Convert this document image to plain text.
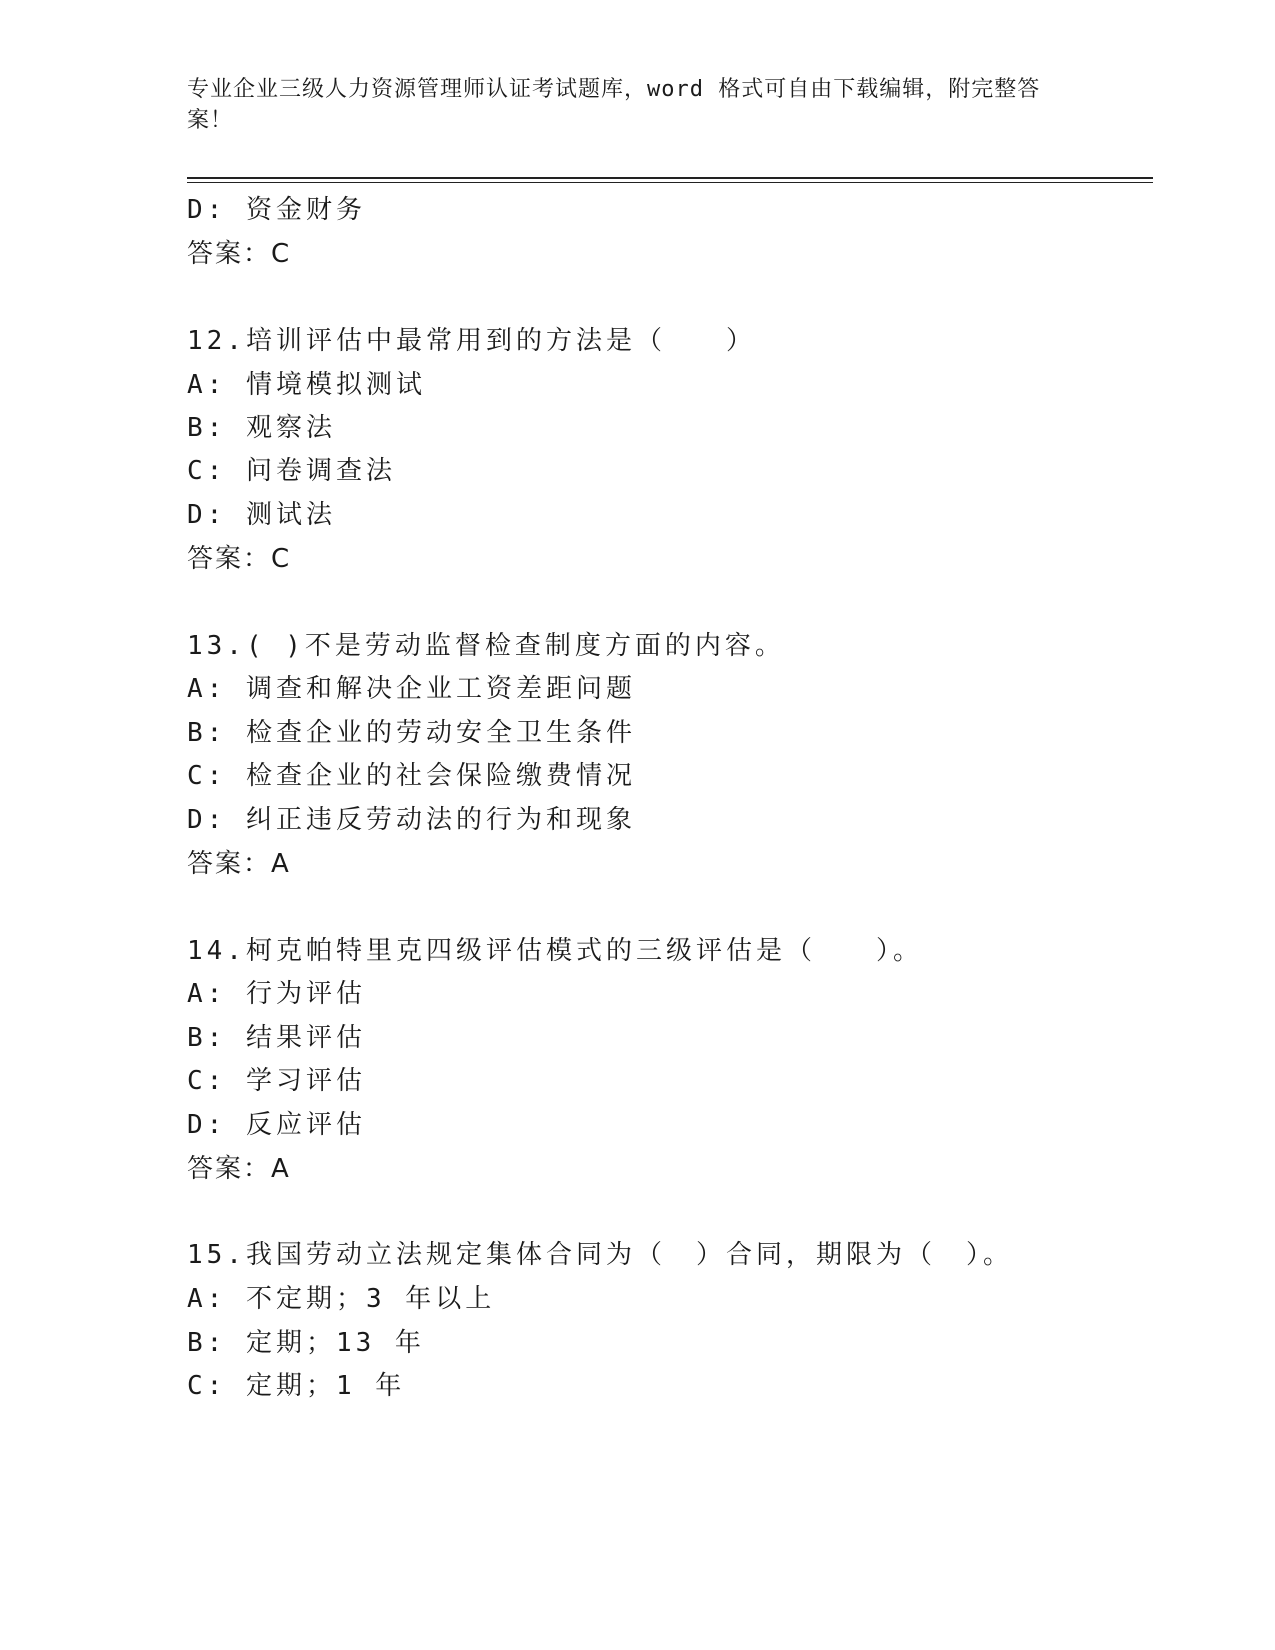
专业企业三级人力资源管理师认证考试题库，word 格式可自由下载编辑，附完整答案！
D: 资金财务
答案：C
12.培训评估中最常用到的方法是（　　）
A: 情境模拟测试
B: 观察法
C: 问卷调查法
D: 测试法
答案：C
13.( )不是劳动监督检查制度方面的内容。
A: 调查和解决企业工资差距问题
B: 检查企业的劳动安全卫生条件
C: 检查企业的社会保险缴费情况
D: 纠正违反劳动法的行为和现象
答案：A
14.柯克帕特里克四级评估模式的三级评估是（　　）。
A: 行为评估
B: 结果评估
C: 学习评估
D: 反应评估
答案：A
15.我国劳动立法规定集体合同为（　）合同，期限为（　）。
A: 不定期；3 年以上
B: 定期；13 年
C: 定期；1 年
